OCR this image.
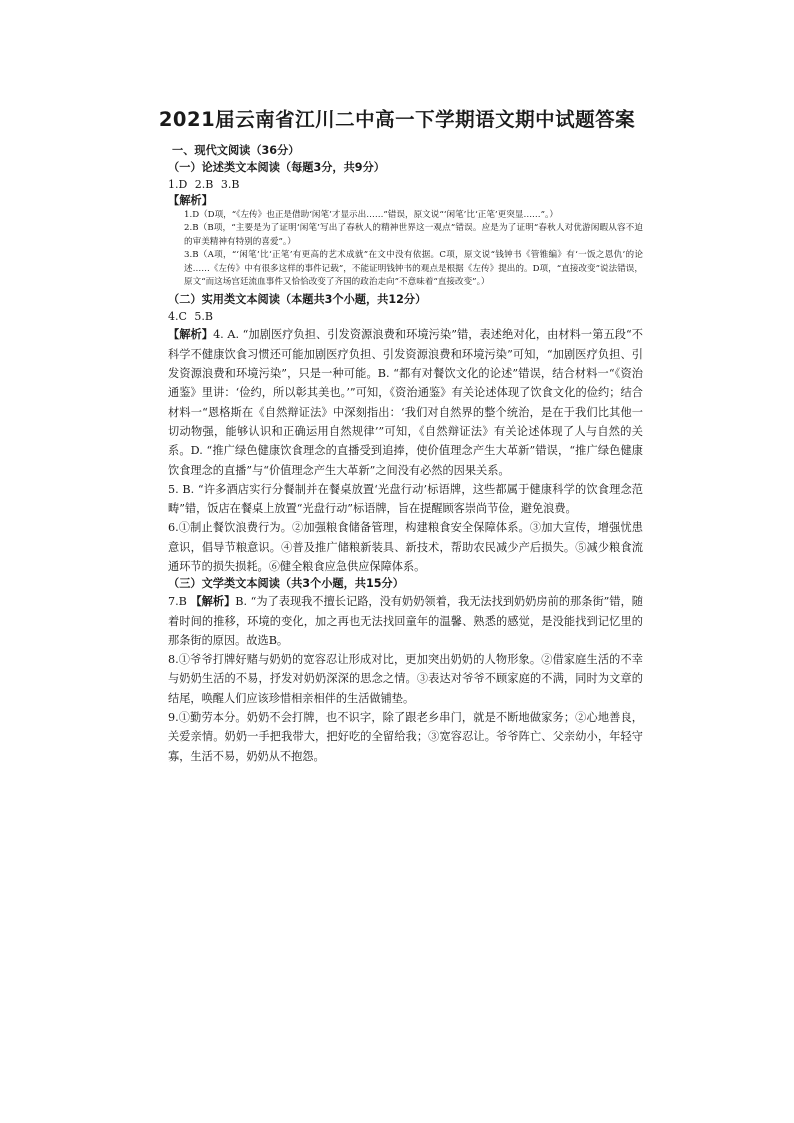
2021届云南省江川二中高一下学期语文期中试题答案

一、现代文阅读（36分）

（一）论述类文本阅读（每题3分，共9分）

1.D 2.B 3.B

【解析】

1.D（D项，“《左传》也正是借助‘闲笔’才显示出……”错误，原文说“‘闲笔’比‘正笔’更突显……”。）

2.B（B项，“主要是为了证明‘闲笔’写出了春秋人的精神世界这一观点”错误。应是为了证明“春秋人对优游闲暇从容不迫的审美精神有特别的喜爱”。）

3.B（A项，“‘闲笔’比‘正笔’有更高的艺术成就”在文中没有依据。C项，原文说“钱钟书《管锥编》有‘一饭之恩仇’的论述……《左传》中有很多这样的事件记载”，不能证明钱钟书的观点是根据《左传》提出的。D项，“直接改变”说法错误，原文“而这场宫廷流血事件又恰恰改变了齐国的政治走向”不意味着“直接改变”。）

（二）实用类文本阅读（本题共3个小题，共12分）

4.C 5.B

【解析】4. A. “加剧医疗负担、引发资源浪费和环境污染”错，表述绝对化，由材料一第五段“不科学不健康饮食习惯还可能加剧医疗负担、引发资源浪费和环境污染”可知，“加剧医疗负担、引发资源浪费和环境污染”，只是一种可能。B. “都有对餐饮文化的论述”错误，结合材料一“《资治通鉴》里讲：‘俭约，所以彰其美也。’”可知，《资治通鉴》有关论述体现了饮食文化的俭约；结合材料一“恩格斯在《自然辩证法》中深刻指出：‘我们对自然界的整个统治，是在于我们比其他一切动物强，能够认识和正确运用自然规律’”可知，《自然辩证法》有关论述体现了人与自然的关系。D. “推广绿色健康饮食理念的直播受到追捧，使价值理念产生大革新”错误，“推广绿色健康饮食理念的直播”与“价值理念产生大革新”之间没有必然的因果关系。

5. B. “许多酒店实行分餐制并在餐桌放置‘光盘行动’标语牌，这些都属于健康科学的饮食理念范畴”错，饭店在餐桌上放置“光盘行动”标语牌，旨在提醒顾客崇尚节俭，避免浪费。

6.①制止餐饮浪费行为。②加强粮食储备管理，构建粮食安全保障体系。③加大宣传，增强忧患意识，倡导节粮意识。④普及推广储粮新装具、新技术，帮助农民减少产后损失。⑤减少粮食流通环节的损失损耗。⑥健全粮食应急供应保障体系。

（三）文学类文本阅读（共3个小题，共15分）

7.B 【解析】B. “为了表现我不擅长记路，没有奶奶领着，我无法找到奶奶房前的那条街”错，随着时间的推移，环境的变化，加之再也无法找回童年的温馨、熟悉的感觉，是没能找到记忆里的那条街的原因。故选B。

8.①爷爷打牌好赌与奶奶的宽容忍让形成对比，更加突出奶奶的人物形象。②借家庭生活的不幸与奶奶生活的不易，抒发对奶奶深深的思念之情。③表达对爷爷不顾家庭的不满，同时为文章的结尾，唤醒人们应该珍惜相亲相伴的生活做铺垫。

9.①勤劳本分。奶奶不会打牌，也不识字，除了跟老乡串门，就是不断地做家务；②心地善良，关爱亲情。奶奶一手把我带大，把好吃的全留给我；③宽容忍让。爷爷阵亡、父亲幼小，年轻守寡，生活不易，奶奶从不抱怨。
